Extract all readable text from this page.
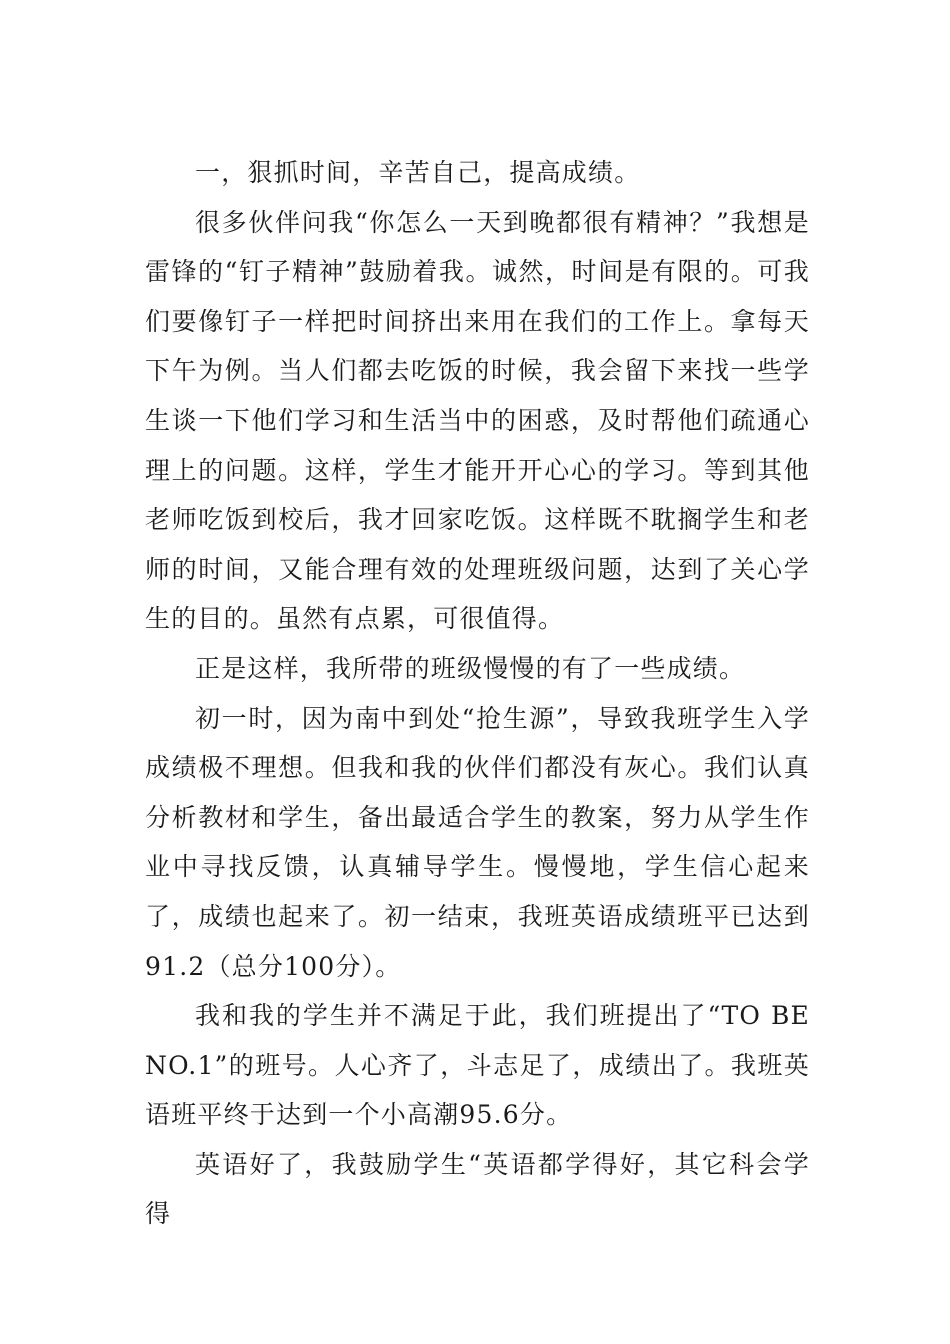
一，狠抓时间，辛苦自己，提高成绩。

很多伙伴问我“你怎么一天到晚都很有精神？”我想是雷锋的“钉子精神”鼓励着我。诚然，时间是有限的。可我们要像钉子一样把时间挤出来用在我们的工作上。拿每天下午为例。当人们都去吃饭的时候，我会留下来找一些学生谈一下他们学习和生活当中的困惑，及时帮他们疏通心理上的问题。这样，学生才能开开心心的学习。等到其他老师吃饭到校后，我才回家吃饭。这样既不耽搁学生和老师的时间，又能合理有效的处理班级问题，达到了关心学生的目的。虽然有点累，可很值得。

正是这样，我所带的班级慢慢的有了一些成绩。

初一时，因为南中到处“抢生源”，导致我班学生入学成绩极不理想。但我和我的伙伴们都没有灰心。我们认真分析教材和学生，备出最适合学生的教案，努力从学生作业中寻找反馈，认真辅导学生。慢慢地，学生信心起来了，成绩也起来了。初一结束，我班英语成绩班平已达到91.2（总分100分）。

我和我的学生并不满足于此，我们班提出了“TO BE NO.1”的班号。人心齐了，斗志足了，成绩出了。我班英语班平终于达到一个小高潮95.6分。

英语好了，我鼓励学生“英语都学得好，其它科会学得
